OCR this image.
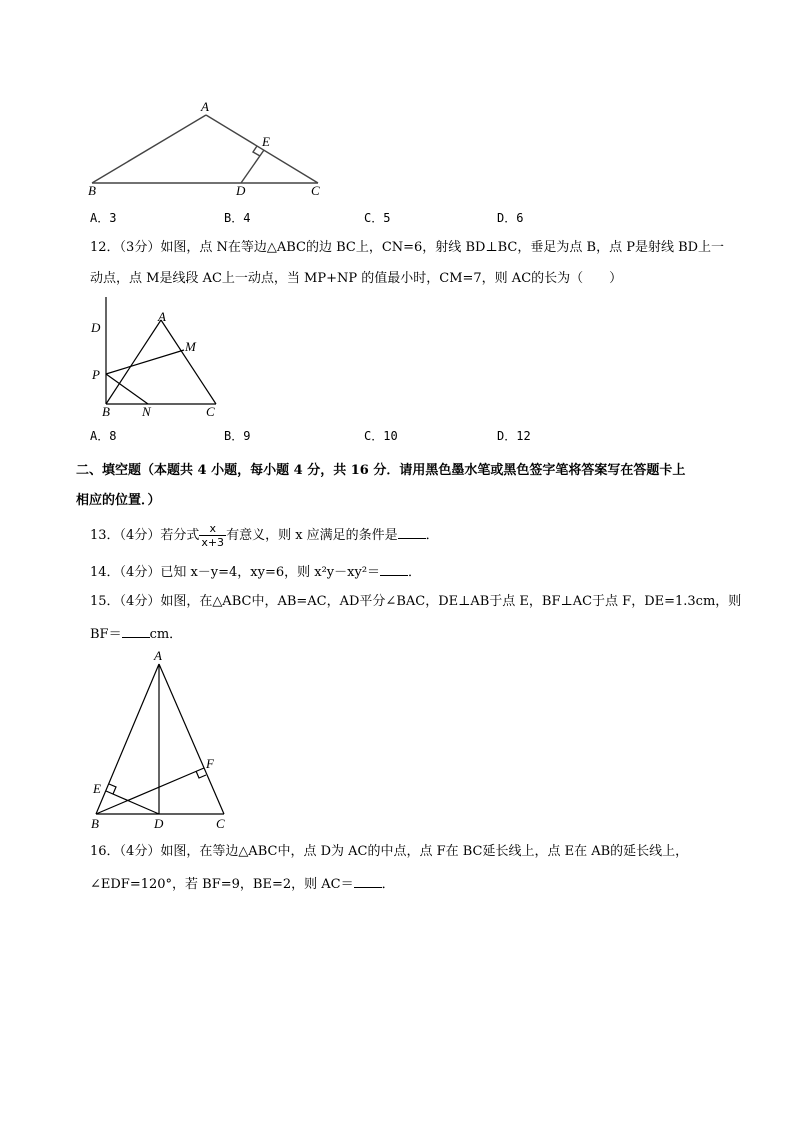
A
B	D	C
E
A．3	B．4	C．5	D．6
12．（3分）如图，点 N在等边△ABC的边 BC上，CN=6，射线 BD⊥BC，垂足为点 B，点 P是射线 BD上一
动点，点 M是线段 AC上一动点，当 MP+NP 的值最小时，CM=7，则 AC的长为（　　）
D
A
M
P
B N	C
A．8	B．9	C．10	D．12
二、填空题（本题共 4 小题，每小题 4 分，共 16 分．请用黑色墨水笔或黑色签字笔将答案写在答题卡上
相应的位置．）
13．（4分）若分式 $\frac{x}{x+3}$ 有意义，则 x 应满足的条件是 ．
14．（4分）已知 x－y=4，xy=6，则 x²y－xy²＝ ．
15．（4分）如图，在△ABC中，AB=AC，AD平分∠BAC，DE⊥AB于点 E，BF⊥AC于点 F，DE=1.3cm，则
BF＝ cm．
A
E
F
B	D	C
16．（4分）如图，在等边△ABC中，点 D为 AC的中点，点 F在 BC延长线上，点 E在 AB的延长线上，
∠EDF=120°，若 BF=9，BE=2，则 AC＝ ．
